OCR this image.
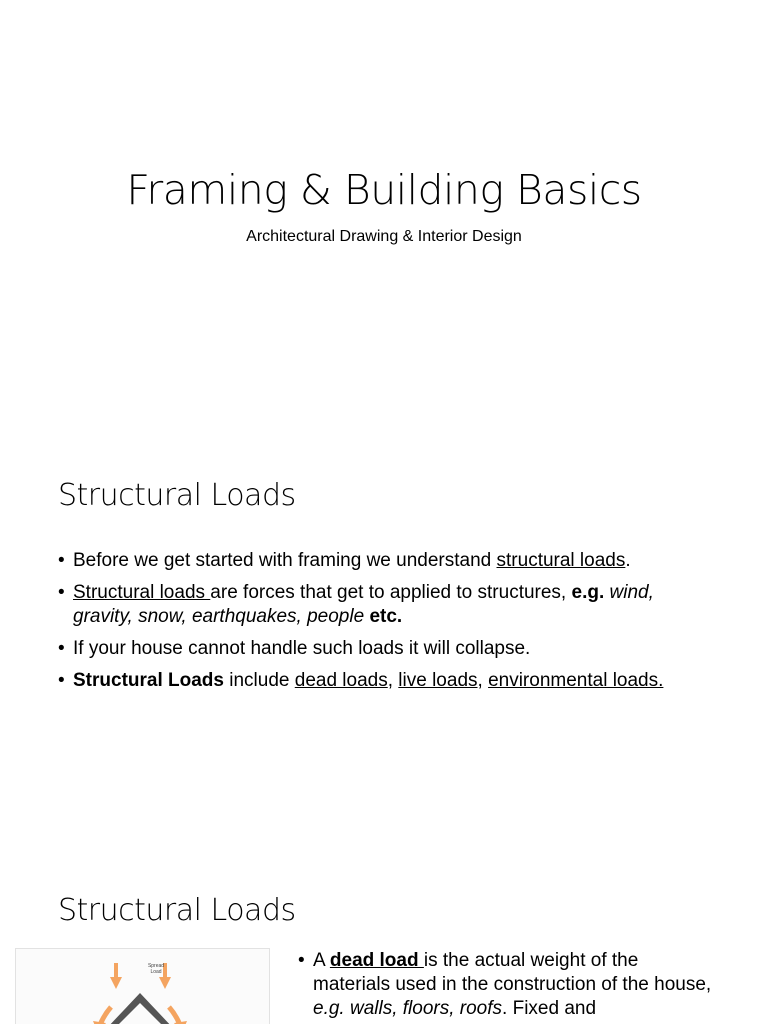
Framing & Building Basics
Architectural Drawing & Interior Design
Structural Loads
• Before we get started with framing we understand structural loads.
• Structural loads are forces that get to applied to structures, e.g. wind, gravity, snow, earthquakes, people etc.
• If your house cannot handle such loads it will collapse.
• Structural Loads include dead loads, live loads, environmental loads.
Structural Loads
Spread
Load
• A dead load is the actual weight of the materials used in the construction of the house, e.g. walls, floors, roofs. Fixed and
